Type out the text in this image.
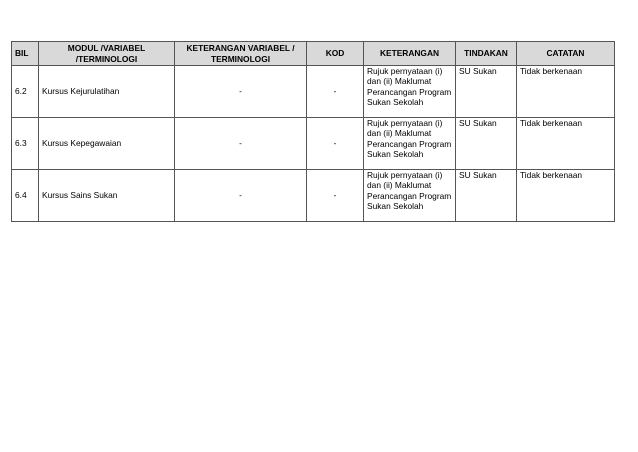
BIL	MODUL /VARIABEL /TERMINOLOGI	KETERANGAN VARIABEL / TERMINOLOGI	KOD	KETERANGAN	TINDAKAN	CATATAN
6.2	Kursus Kejurulatihan	-	-	Rujuk pernyataan (i) dan (ii) Maklumat Perancangan Program Sukan Sekolah	SU Sukan	Tidak berkenaan
6.3	Kursus Kepegawaian	-	-	Rujuk pernyataan (i) dan (ii) Maklumat Perancangan Program Sukan Sekolah	SU Sukan	Tidak berkenaan
6.4	Kursus Sains Sukan	-	-	Rujuk pernyataan (i) dan (ii) Maklumat Perancangan Program Sukan Sekolah	SU Sukan	Tidak berkenaan
